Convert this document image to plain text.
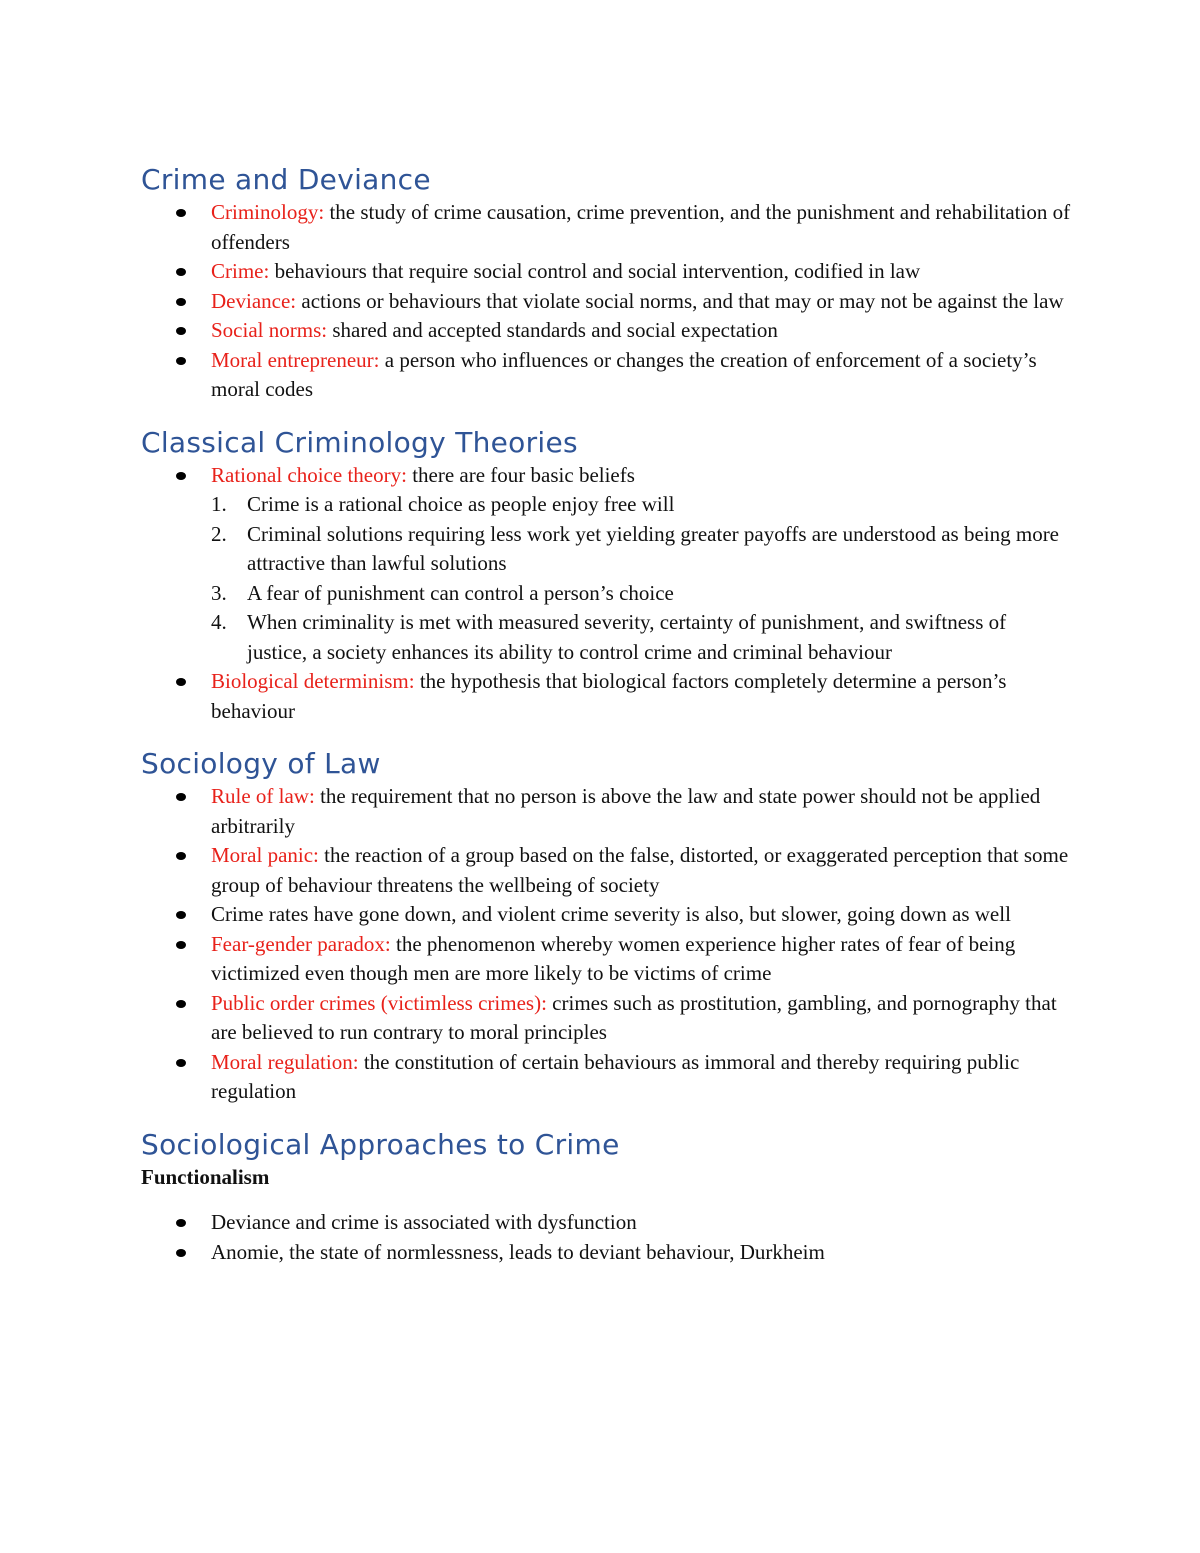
Crime and Deviance
Criminology: the study of crime causation, crime prevention, and the punishment and rehabilitation of offenders
Crime: behaviours that require social control and social intervention, codified in law
Deviance: actions or behaviours that violate social norms, and that may or may not be against the law
Social norms: shared and accepted standards and social expectation
Moral entrepreneur: a person who influences or changes the creation of enforcement of a society’s moral codes
Classical Criminology Theories
Rational choice theory: there are four basic beliefs
1. Crime is a rational choice as people enjoy free will
2. Criminal solutions requiring less work yet yielding greater payoffs are understood as being more attractive than lawful solutions
3. A fear of punishment can control a person’s choice
4. When criminality is met with measured severity, certainty of punishment, and swiftness of justice, a society enhances its ability to control crime and criminal behaviour
Biological determinism: the hypothesis that biological factors completely determine a person’s behaviour
Sociology of Law
Rule of law: the requirement that no person is above the law and state power should not be applied arbitrarily
Moral panic: the reaction of a group based on the false, distorted, or exaggerated perception that some group of behaviour threatens the wellbeing of society
Crime rates have gone down, and violent crime severity is also, but slower, going down as well
Fear-gender paradox: the phenomenon whereby women experience higher rates of fear of being victimized even though men are more likely to be victims of crime
Public order crimes (victimless crimes): crimes such as prostitution, gambling, and pornography that are believed to run contrary to moral principles
Moral regulation: the constitution of certain behaviours as immoral and thereby requiring public regulation
Sociological Approaches to Crime
Functionalism
Deviance and crime is associated with dysfunction
Anomie, the state of normlessness, leads to deviant behaviour, Durkheim
